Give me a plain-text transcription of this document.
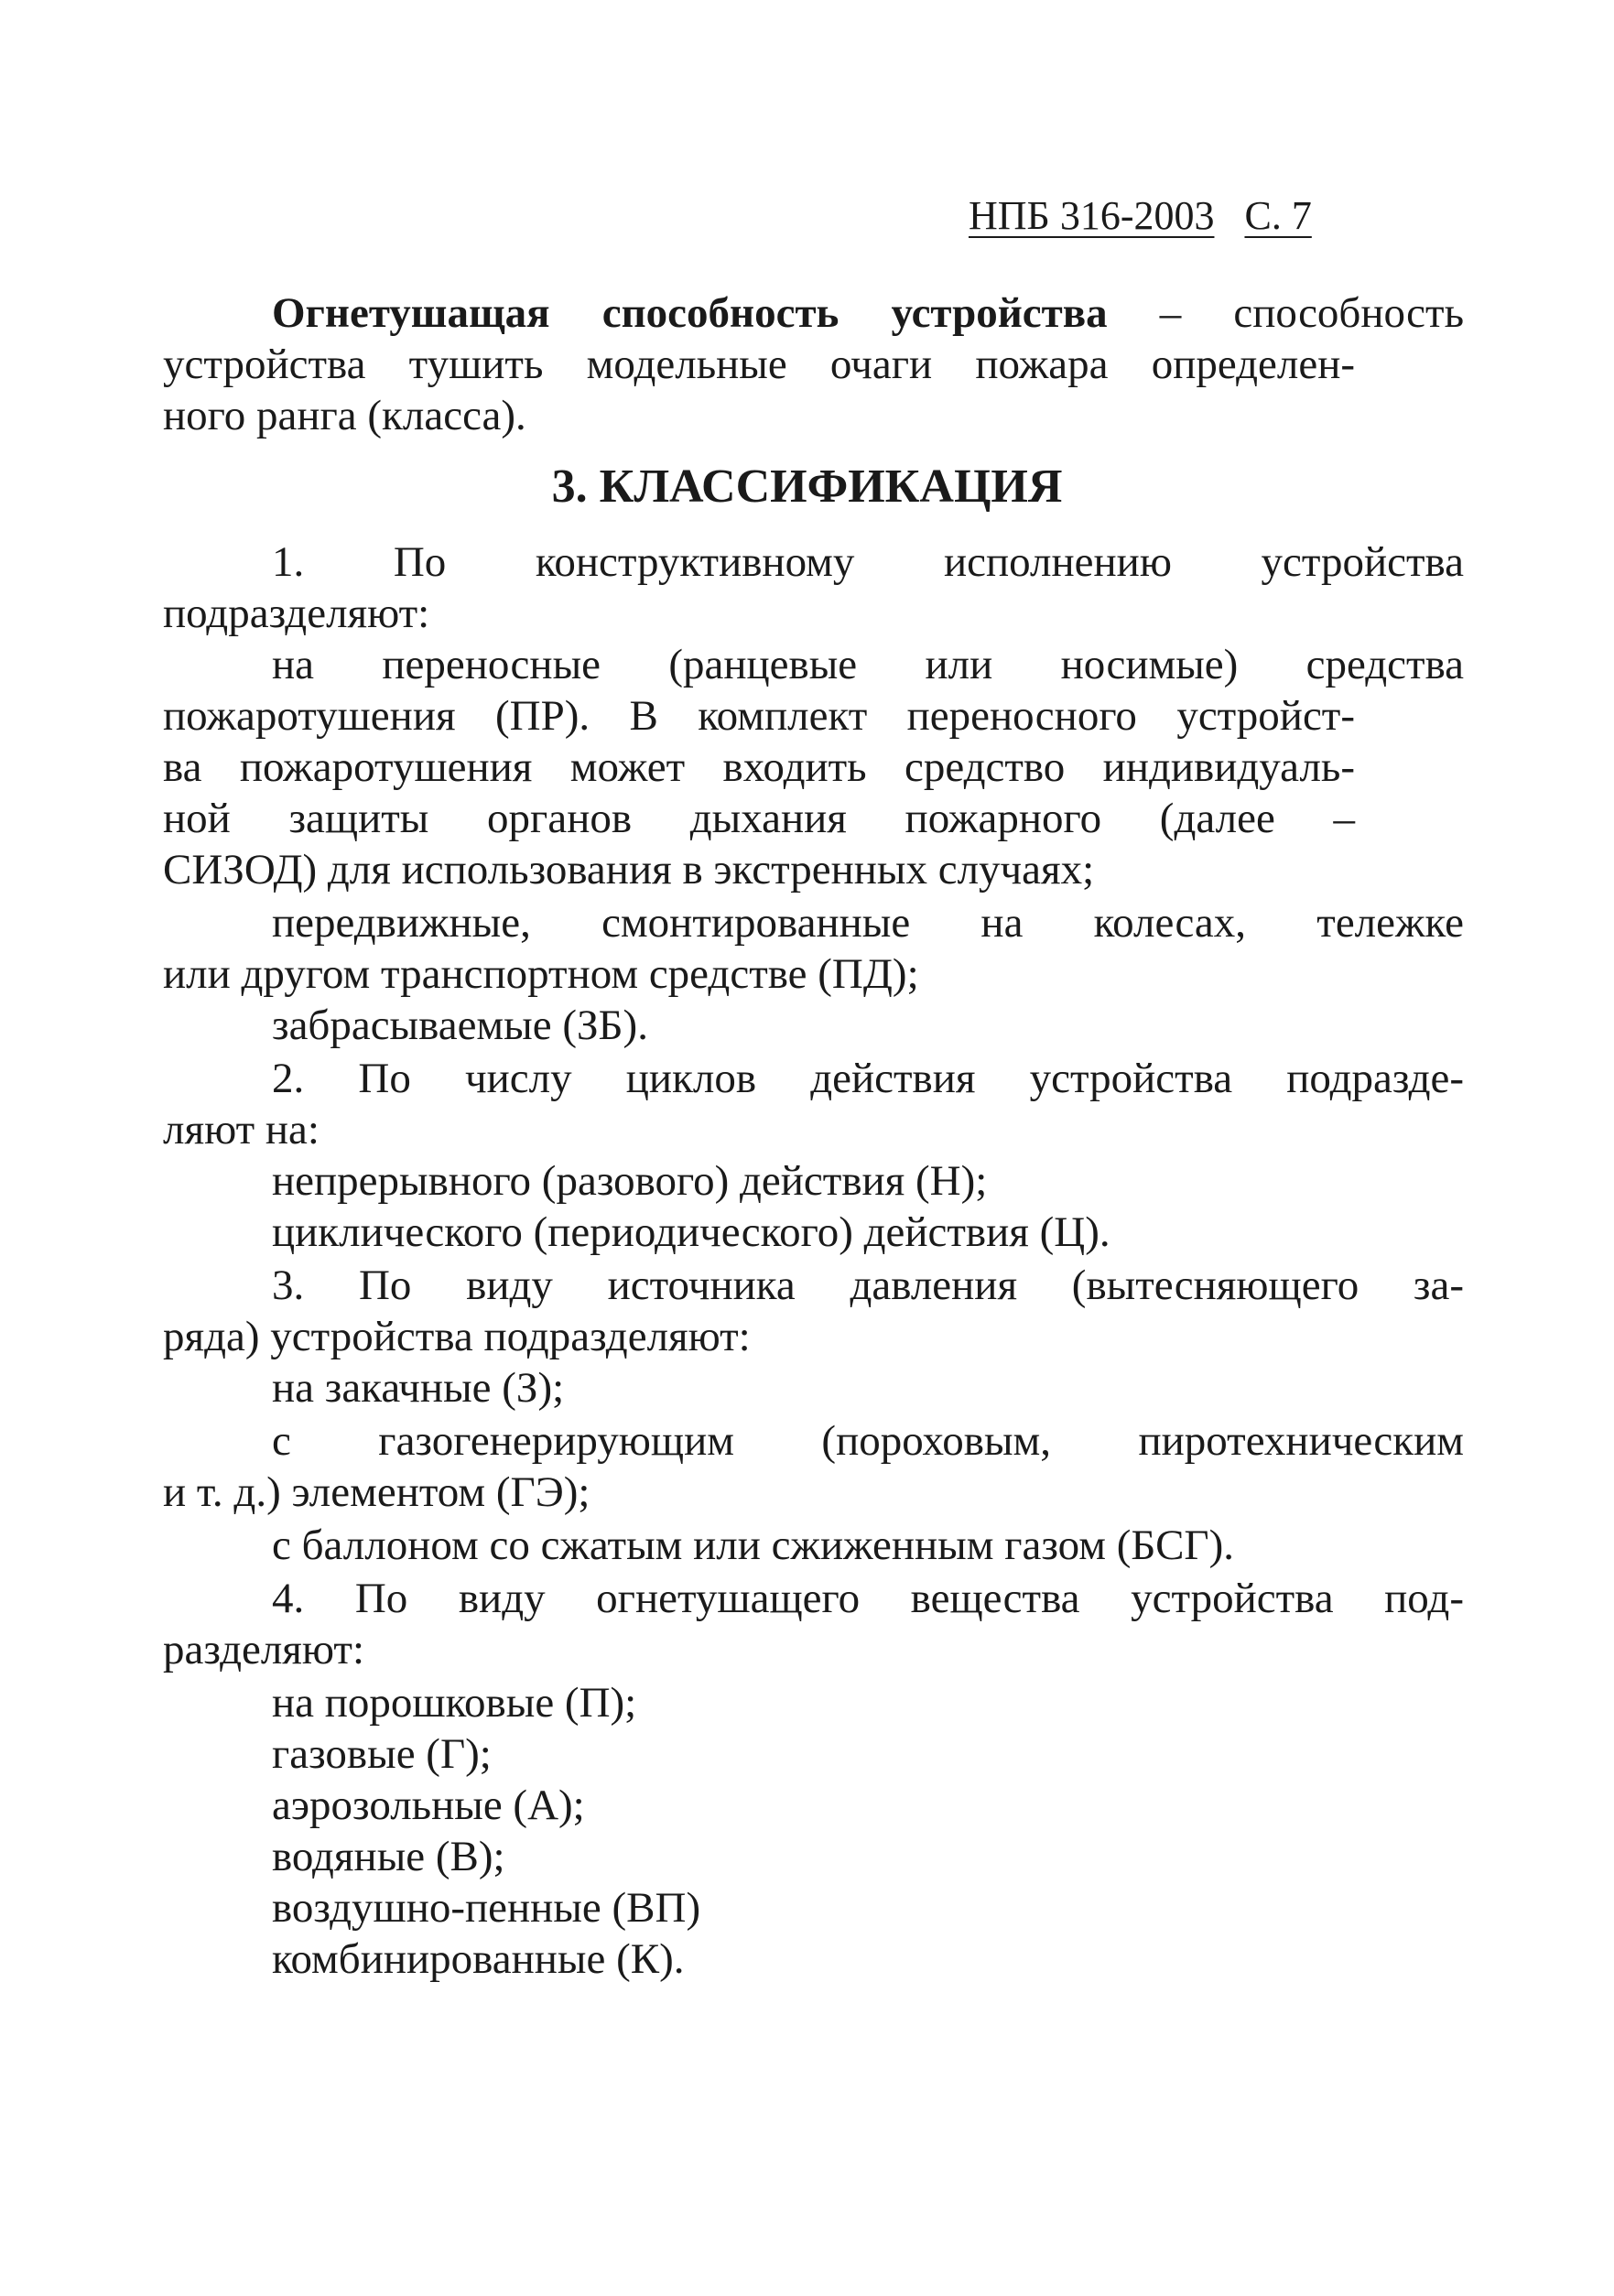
НПБ 316-2003 С. 7

Огнетушащая способность устройства – способность

устройства тушить модельные очаги пожара определен-

ного ранга (класса).

3. КЛАССИФИКАЦИЯ

1. По конструктивному исполнению устройства

подразделяют:

на переносные (ранцевые или носимые) средства

пожаротушения (ПР). В комплект переносного устройст-

ва пожаротушения может входить средство индивидуаль-

ной защиты органов дыхания пожарного (далее –

СИЗОД) для использования в экстренных случаях;

передвижные, смонтированные на колесах, тележке

или другом транспортном средстве (ПД);

забрасываемые (ЗБ).

2. По числу циклов действия устройства подразде-

ляют на:

непрерывного (разового) действия (Н);

циклического (периодического) действия (Ц).

3. По виду источника давления (вытесняющего за-

ряда) устройства подразделяют:

на закачные (З);

с газогенерирующим (пороховым, пиротехническим

и т. д.) элементом (ГЭ);

с баллоном со сжатым или сжиженным газом (БСГ).

4. По виду огнетушащего вещества устройства под-

разделяют:

на порошковые (П);

газовые (Г);

аэрозольные (А);

водяные (В);

воздушно-пенные (ВП)

комбинированные (К).
